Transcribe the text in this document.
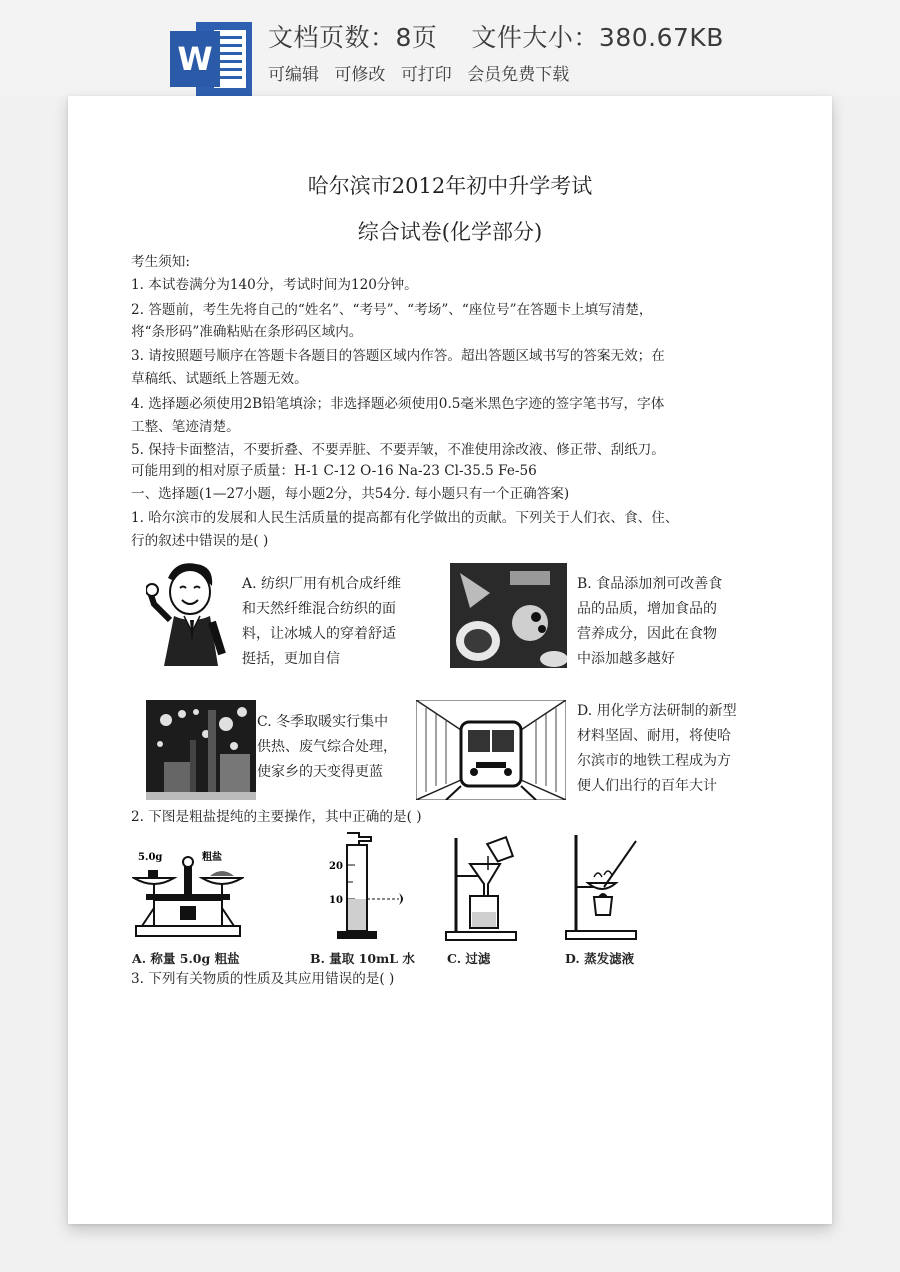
W
文档页数：8页 文件大小：380.67KB
可编辑 可修改 可打印 会员免费下载
哈尔滨市2012年初中升学考试
综合试卷(化学部分)
考生须知:
1. 本试卷满分为140分，考试时间为120分钟。
2. 答题前，考生先将自己的“姓名”、“考号”、“考场”、“座位号”在答题卡上填写清楚，
将“条形码”准确粘贴在条形码区域内。
3. 请按照题号顺序在答题卡各题目的答题区域内作答。超出答题区域书写的答案无效；在
草稿纸、试题纸上答题无效。
4. 选择题必须使用2B铅笔填涂；非选择题必须使用0.5毫米黑色字迹的签字笔书写，字体
工整、笔迹清楚。
5. 保持卡面整洁，不要折叠、不要弄脏、不要弄皱，不准使用涂改液、修正带、刮纸刀。
可能用到的相对原子质量：H-1 C-12 O-16 Na-23 Cl-35.5 Fe-56
一、选择题(1—27小题，每小题2分，共54分. 每小题只有一个正确答案)
1. 哈尔滨市的发展和人民生活质量的提高都有化学做出的贡献。下列关于人们衣、食、住、
行的叙述中错误的是( )
A. 纺织厂用有机合成纤维
和天然纤维混合纺织的面
料，让冰城人的穿着舒适
挺括，更加自信
B. 食品添加剂可改善食
品的品质，增加食品的
营养成分，因此在食物
中添加越多越好
C. 冬季取暖实行集中
供热、废气综合处理，
使家乡的天变得更蓝
D. 用化学方法研制的新型
材料坚固、耐用，将使哈
尔滨市的地铁工程成为方
便人们出行的百年大计
2. 下图是粗盐提纯的主要操作，其中正确的是( )
5.0g	粗盐
A. 称量 5.0g 粗盐
20
10
B. 量取 10mL 水	C. 过滤	D. 蒸发滤液
3. 下列有关物质的性质及其应用错误的是( )
